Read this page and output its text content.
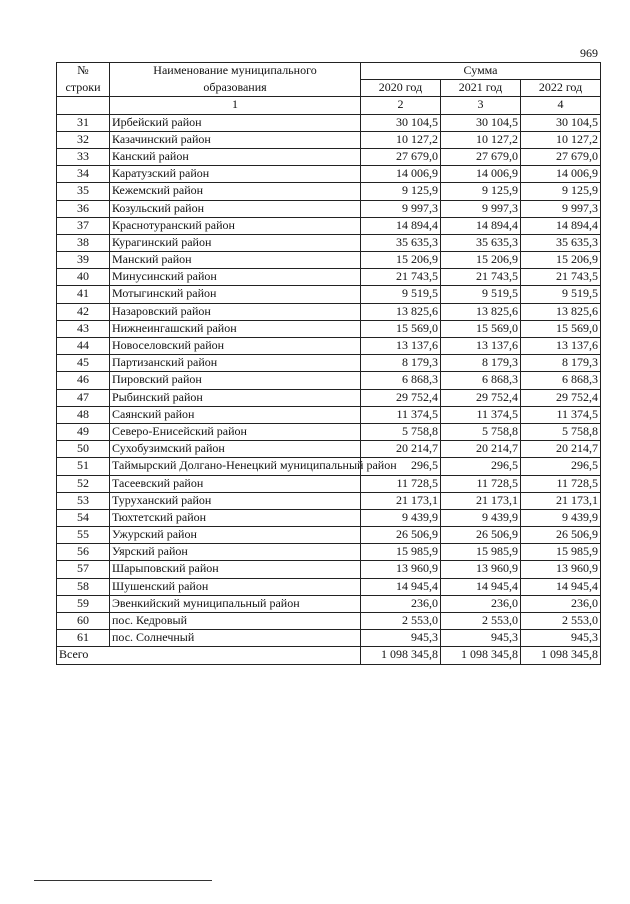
969
№	Наименование муниципального	Сумма		
строки	образования	2020 год	2021 год	2022 год
	1	2	3	4
31	Ирбейский район	30 104,5	30 104,5	30 104,5
32	Казачинский район	10 127,2	10 127,2	10 127,2
33	Канский район	27 679,0	27 679,0	27 679,0
34	Каратузский район	14 006,9	14 006,9	14 006,9
35	Кежемский район	9 125,9	9 125,9	9 125,9
36	Козульский район	9 997,3	9 997,3	9 997,3
37	Краснотуранский район	14 894,4	14 894,4	14 894,4
38	Курагинский район	35 635,3	35 635,3	35 635,3
39	Манский район	15 206,9	15 206,9	15 206,9
40	Минусинский район	21 743,5	21 743,5	21 743,5
41	Мотыгинский район	9 519,5	9 519,5	9 519,5
42	Назаровский район	13 825,6	13 825,6	13 825,6
43	Нижнеингашский район	15 569,0	15 569,0	15 569,0
44	Новоселовский район	13 137,6	13 137,6	13 137,6
45	Партизанский район	8 179,3	8 179,3	8 179,3
46	Пировский район	6 868,3	6 868,3	6 868,3
47	Рыбинский район	29 752,4	29 752,4	29 752,4
48	Саянский район	11 374,5	11 374,5	11 374,5
49	Северо-Енисейский район	5 758,8	5 758,8	5 758,8
50	Сухобузимский район	20 214,7	20 214,7	20 214,7
51	Таймырский Долгано-Ненецкий муниципальный район	296,5	296,5	296,5
52	Тасеевский район	11 728,5	11 728,5	11 728,5
53	Туруханский район	21 173,1	21 173,1	21 173,1
54	Тюхтетский район	9 439,9	9 439,9	9 439,9
55	Ужурский район	26 506,9	26 506,9	26 506,9
56	Уярский район	15 985,9	15 985,9	15 985,9
57	Шарыповский район	13 960,9	13 960,9	13 960,9
58	Шушенский район	14 945,4	14 945,4	14 945,4
59	Эвенкийский муниципальный район	236,0	236,0	236,0
60	пос. Кедровый	2 553,0	2 553,0	2 553,0
61	пос. Солнечный	945,3	945,3	945,3
Всего		1 098 345,8	1 098 345,8	1 098 345,8
